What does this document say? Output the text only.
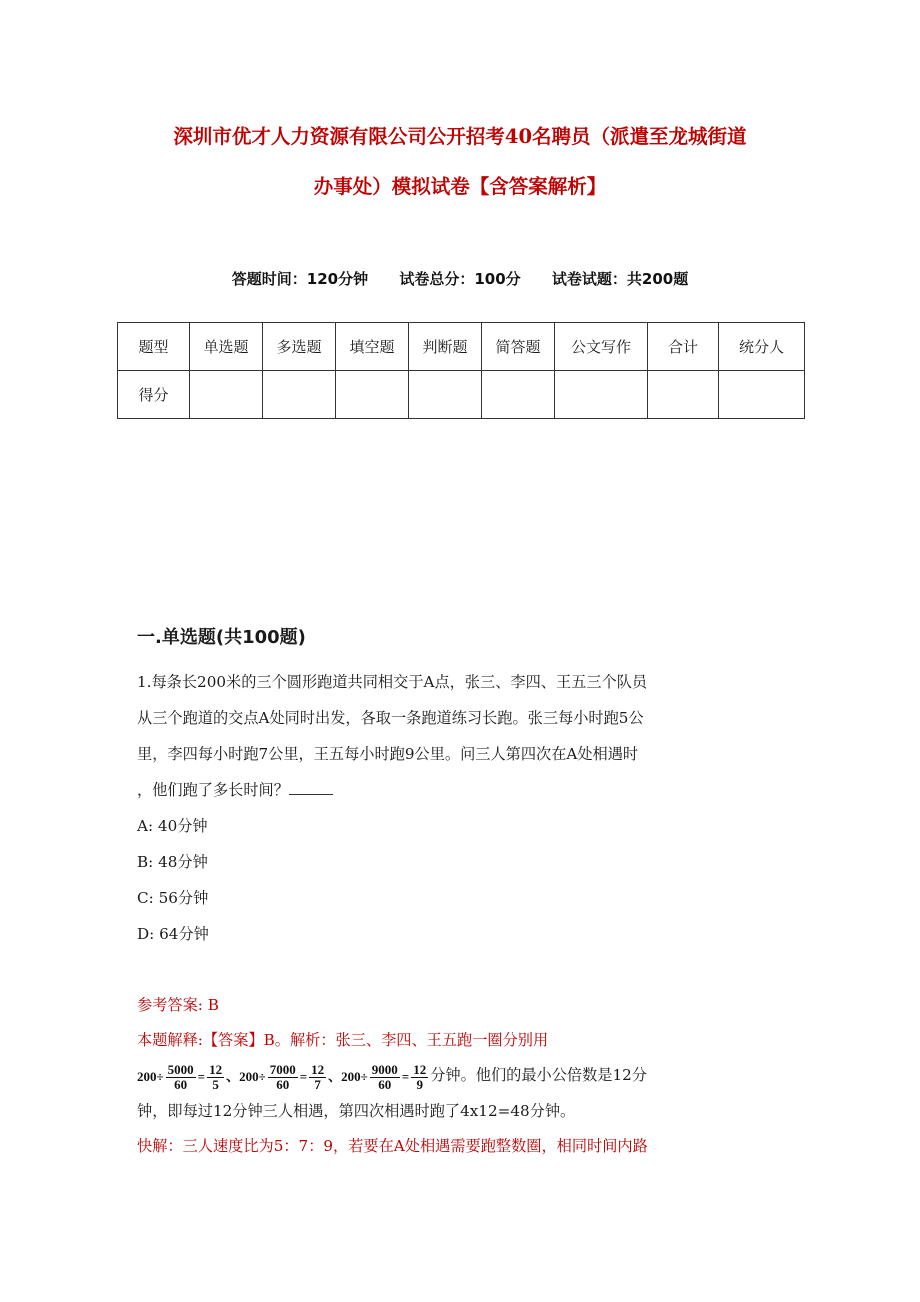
深圳市优才人力资源有限公司公开招考40名聘员（派遣至龙城街道
办事处）模拟试卷【含答案解析】
答题时间：120分钟 试卷总分：100分 试卷试题：共200题
题型	单选题	多选题	填空题	判断题	简答题	公文写作	合计	统分人
得分								
一.单选题(共100题)
1.每条长200米的三个圆形跑道共同相交于A点，张三、李四、王五三个队员
从三个跑道的交点A处同时出发，各取一条跑道练习长跑。张三每小时跑5公
里，李四每小时跑7公里，王五每小时跑9公里。问三人第四次在A处相遇时
，他们跑了多长时间？
A: 40分钟
B: 48分钟
C: 56分钟
D: 64分钟
参考答案: B
本题解释:【答案】B。解析：张三、李四、王五跑一圈分别用
$200\div \frac{5000}{60} = \frac{12}{5}$ 、$200\div \frac{7000}{60} = \frac{12}{7}$ 、$200\div \frac{9000}{60} = \frac{12}{9}$ 分钟。他们的最小公倍数是12分
钟，即每过12分钟三人相遇，第四次相遇时跑了4x12=48分钟。
快解：三人速度比为5：7：9，若要在A处相遇需要跑整数圈，相同时间内路
